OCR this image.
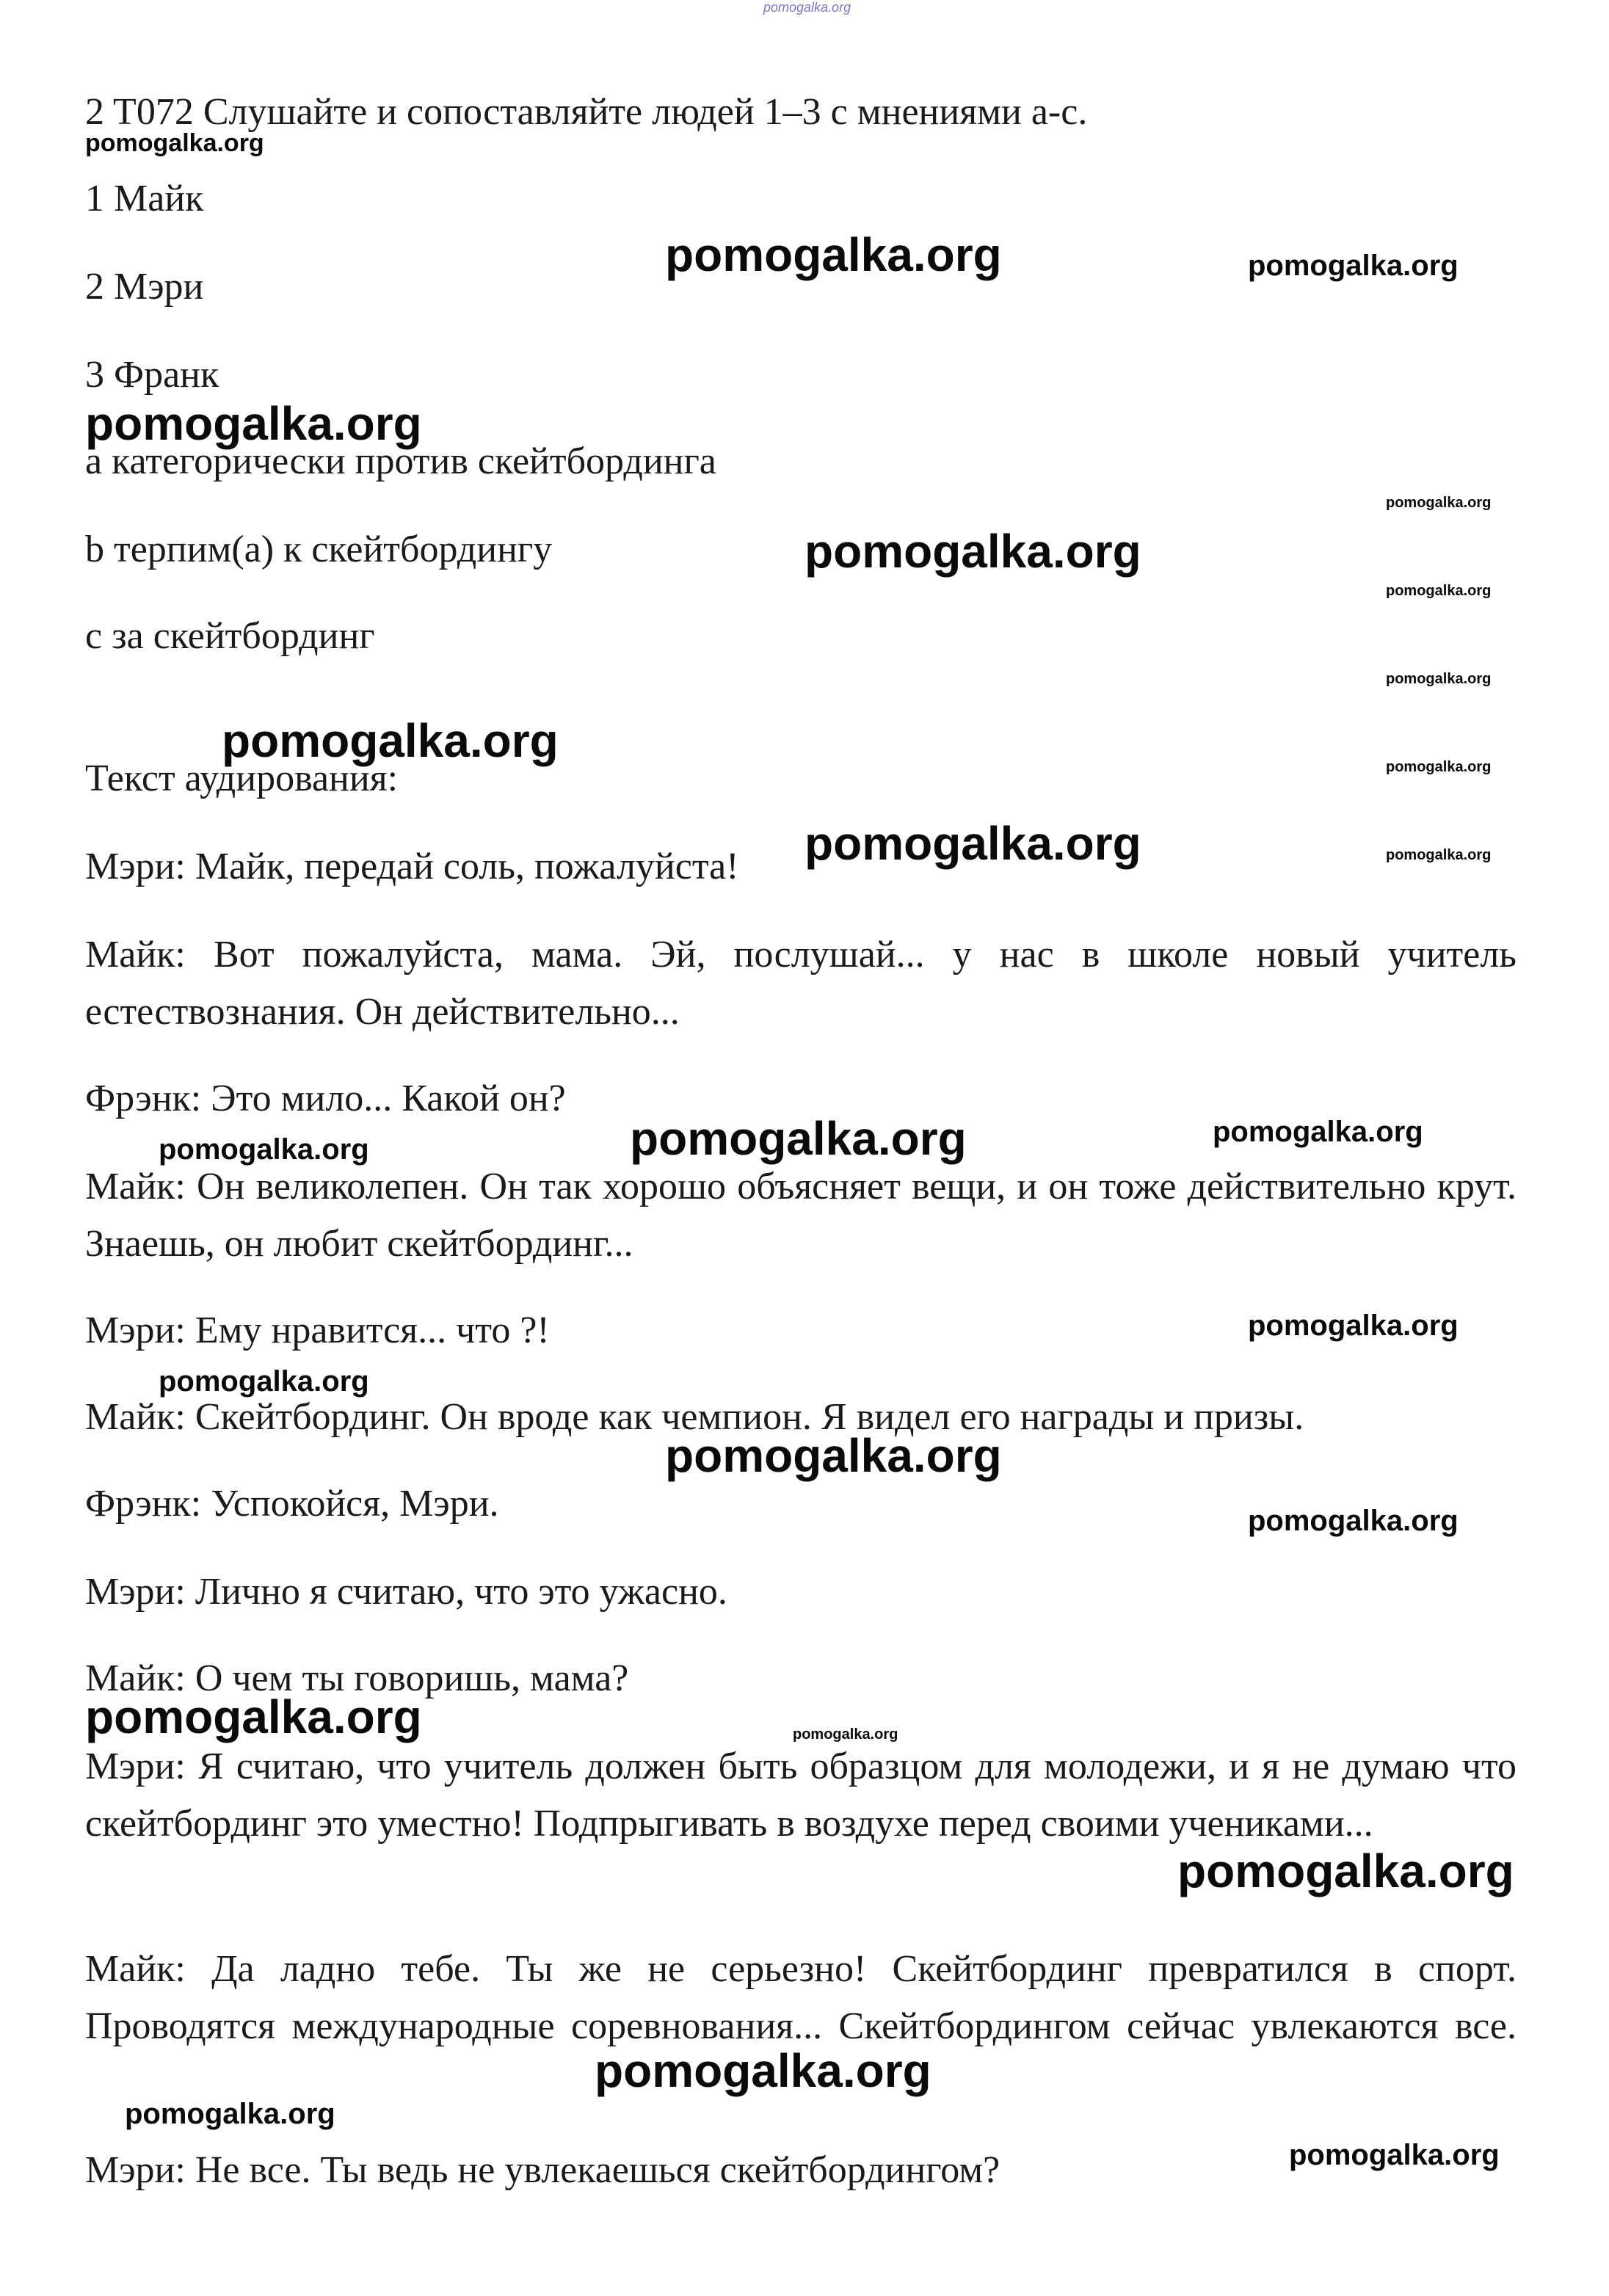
2 T072 Слушайте и сопоставляйте людей 1–3 с мнениями a-c.

1 Майк

2 Мэри

3 Франк

a категорически против скейтбординга

b терпим(а) к скейтбордингу

c за скейтбординг

Текст аудирования:

Мэри: Майк, передай соль, пожалуйста!

Майк: Вот пожалуйста, мама. Эй, послушай... у нас в школе новый учитель естествознания. Он действительно...

Фрэнк: Это мило... Какой он?

Майк: Он великолепен. Он так хорошо объясняет вещи, и он тоже действительно крут. Знаешь, он любит скейтбординг...

Мэри: Ему нравится... что ?!

Майк: Скейтбординг. Он вроде как чемпион. Я видел его награды и призы.

Фрэнк: Успокойся, Мэри.

Мэри: Лично я считаю, что это ужасно.

Майк: О чем ты говоришь, мама?

Мэри: Я считаю, что учитель должен быть образцом для молодежи, и я не думаю что скейтбординг это уместно! Подпрыгивать в воздухе перед своими учениками...

Майк: Да ладно тебе. Ты же не серьезно! Скейтбординг превратился в спорт. Проводятся международные соревнования... Скейтбордингом сейчас увлекаются все.

Мэри: Не все. Ты ведь не увлекаешься скейтбордингом?

pomogalka.org
pomogalka.org
pomogalka.org	pomogalka.org
pomogalka.org
pomogalka.org
pomogalka.org
pomogalka.org
pomogalka.org
pomogalka.org	pomogalka.org
pomogalka.org	pomogalka.org
pomogalka.org	pomogalka.org
pomogalka.org
pomogalka.org
pomogalka.org
pomogalka.org
pomogalka.org
pomogalka.org	pomogalka.org
pomogalka.org
pomogalka.org
pomogalka.org
pomogalka.org
